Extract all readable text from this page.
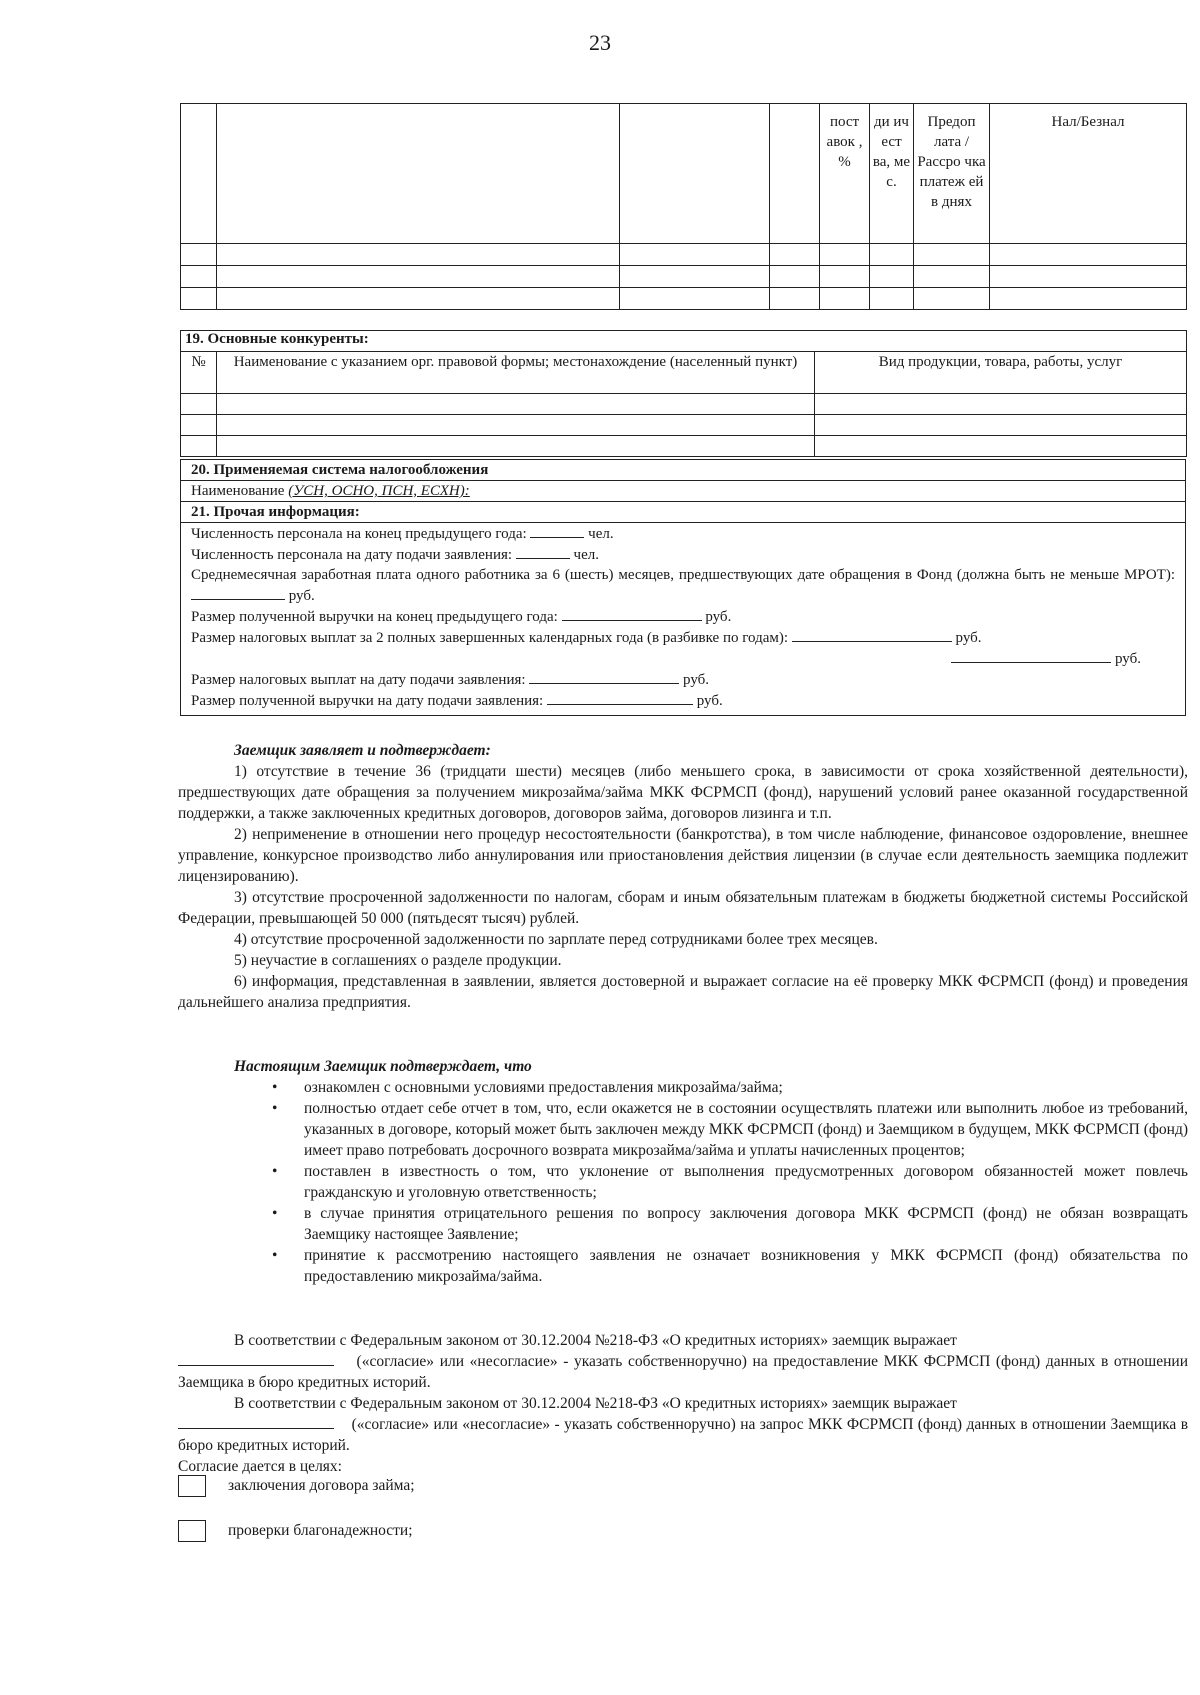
23
				пост авок , %	ди ич ест ва, ме с.	Предоп лата / Рассро чка платеж ей в днях	Нал/Безнал

19. Основные конкуренты:		
№	Наименование с указанием орг. правовой формы; местонахождение (населенный пункт)	Вид продукции, товара, работы, услуг

20. Применяемая система налогообложения
Наименование (УСН, ОСНО, ПСН, ЕСХН):
21. Прочая информация:

Численность персонала на конец предыдущего года:	чел.
Численность персонала на дату подачи заявления:	чел.
Среднемесячная заработная плата одного работника за 6 (шесть) месяцев, предшествующих дате обращения в Фонд (должна быть не меньше МРОТ):  руб.
Размер полученной выручки на конец предыдущего года:	руб.
Размер налоговых выплат за 2 полных завершенных календарных года (в разбивке по годам):	руб.
руб.
Размер налоговых выплат на дату подачи заявления:	руб.
Размер полученной выручки на дату подачи заявления:	руб.

Заемщик заявляет и подтверждает:

1) отсутствие в течение 36 (тридцати шести) месяцев (либо меньшего срока, в зависимости от срока хозяйственной деятельности), предшествующих дате обращения за получением микрозайма/займа МКК ФСРМСП (фонд), нарушений условий ранее оказанной государственной поддержки, а также заключенных кредитных договоров, договоров займа, договоров лизинга и т.п.

2) неприменение в отношении него процедур несостоятельности (банкротства), в том числе наблюдение, финансовое оздоровление, внешнее управление, конкурсное производство либо аннулирования или приостановления действия лицензии (в случае если деятельность заемщика подлежит лицензированию).

3) отсутствие просроченной задолженности по налогам, сборам и иным обязательным платежам в бюджеты бюджетной системы Российской Федерации, превышающей 50 000 (пятьдесят тысяч) рублей.

4) отсутствие просроченной задолженности по зарплате перед сотрудниками более трех месяцев.

5) неучастие в соглашениях о разделе продукции.

6) информация, представленная в заявлении, является достоверной и выражает согласие на её проверку МКК ФСРМСП (фонд) и проведения дальнейшего анализа предприятия.

Настоящим Заемщик подтверждает, что

• ознакомлен с основными условиями предоставления микрозайма/займа;
• полностью отдает себе отчет в том, что, если окажется не в состоянии осуществлять платежи или выполнить любое из требований, указанных в договоре, который может быть заключен между МКК ФСРМСП (фонд) и Заемщиком в будущем, МКК ФСРМСП (фонд) имеет право потребовать досрочного возврата микрозайма/займа и уплаты начисленных процентов;
• поставлен в известность о том, что уклонение от выполнения предусмотренных договором обязанностей может повлечь гражданскую и уголовную ответственность;
• в случае принятия отрицательного решения по вопросу заключения договора МКК ФСРМСП (фонд) не обязан возвращать Заемщику настоящее Заявление;
• принятие к рассмотрению настоящего заявления не означает возникновения у МКК ФСРМСП (фонд) обязательства по предоставлению микрозайма/займа.

В соответствии с Федеральным законом от 30.12.2004 №218-ФЗ «О кредитных историях» заемщик выражает
(«согласие» или «несогласие» - указать собственноручно) на предоставление МКК ФСРМСП (фонд) данных в отношении Заемщика в бюро кредитных историй.

В соответствии с Федеральным законом от 30.12.2004 №218-ФЗ «О кредитных историях» заемщик выражает
(«согласие» или «несогласие» - указать собственноручно) на запрос МКК ФСРМСП (фонд) данных в отношении Заемщика в бюро кредитных историй.

Согласие дается в целях:

заключения договора займа;
проверки благонадежности;
